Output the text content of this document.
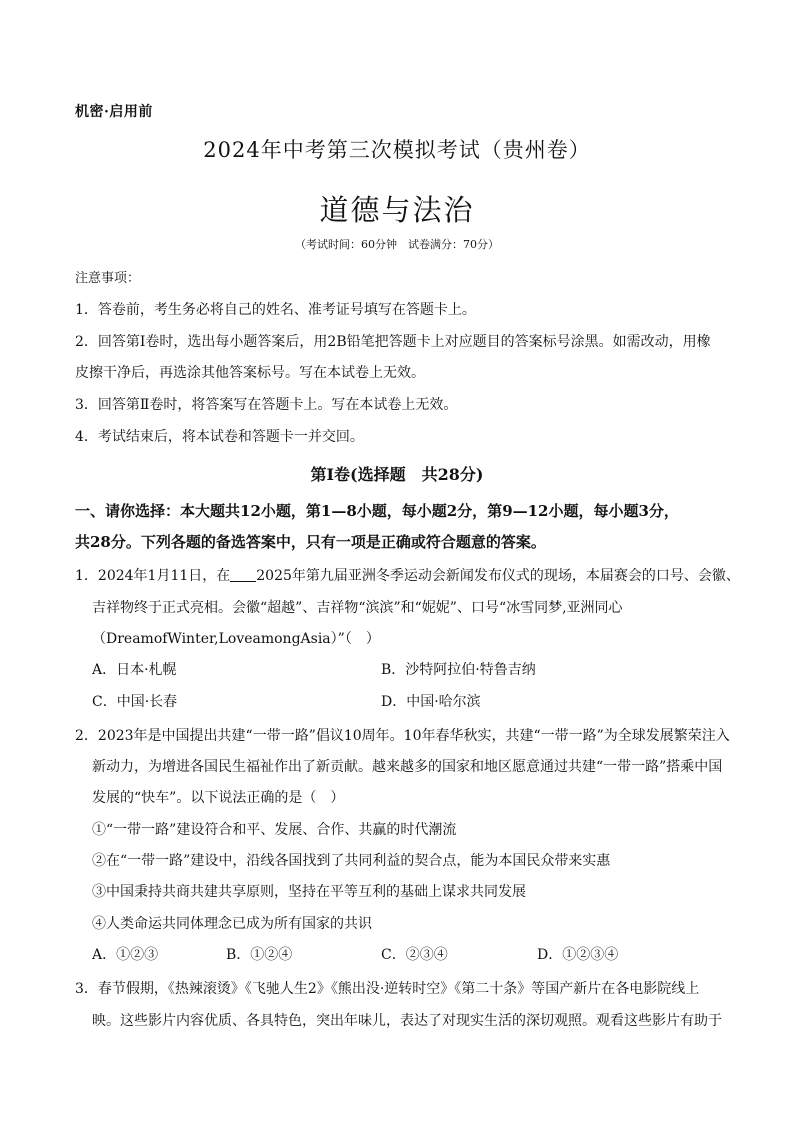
机密·启用前
2024年中考第三次模拟考试（贵州卷）
道德与法治
（考试时间：60分钟　试卷满分：70分）
注意事项：
1．答卷前，考生务必将自己的姓名、准考证号填写在答题卡上。
2．回答第Ⅰ卷时，选出每小题答案后，用2B铅笔把答题卡上对应题目的答案标号涂黑。如需改动，用橡
皮擦干净后，再选涂其他答案标号。写在本试卷上无效。
3．回答第Ⅱ卷时，将答案写在答题卡上。写在本试卷上无效。
4．考试结束后，将本试卷和答题卡一并交回。
第Ⅰ卷(选择题　共28分)
一、请你选择：本大题共12小题，第1—8小题，每小题2分，第9—12小题，每小题3分，
共28分。下列各题的备选答案中，只有一项是正确或符合题意的答案。
1．2024年1月11日，在 2025年第九届亚洲冬季运动会新闻发布仪式的现场，本届赛会的口号、会徽、
吉祥物终于正式亮相。会徽“超越”、吉祥物“滨滨”和“妮妮”、口号“冰雪同梦,亚洲同心
（DreamofWinter,LoveamongAsia）”（　）
A．日本·札幌	B．沙特阿拉伯·特鲁吉纳
C．中国·长春	D．中国·哈尔滨
2．2023年是中国提出共建“一带一路”倡议10周年。10年春华秋实，共建“一带一路”为全球发展繁荣注入
新动力，为增进各国民生福祉作出了新贡献。越来越多的国家和地区愿意通过共建“一带一路”搭乘中国
发展的“快车”。以下说法正确的是（　）
①“一带一路”建设符合和平、发展、合作、共赢的时代潮流
②在“一带一路”建设中，沿线各国找到了共同利益的契合点，能为本国民众带来实惠
③中国秉持共商共建共享原则，坚持在平等互利的基础上谋求共同发展
④人类命运共同体理念已成为所有国家的共识
A．①②③	B．①②④	C．②③④	D．①②③④
3．春节假期，《热辣滚烫》《飞驰人生2》《熊出没·逆转时空》《第二十条》等国产新片在各电影院线上
映。这些影片内容优质、各具特色，突出年味儿，表达了对现实生活的深切观照。观看这些影片有助于
